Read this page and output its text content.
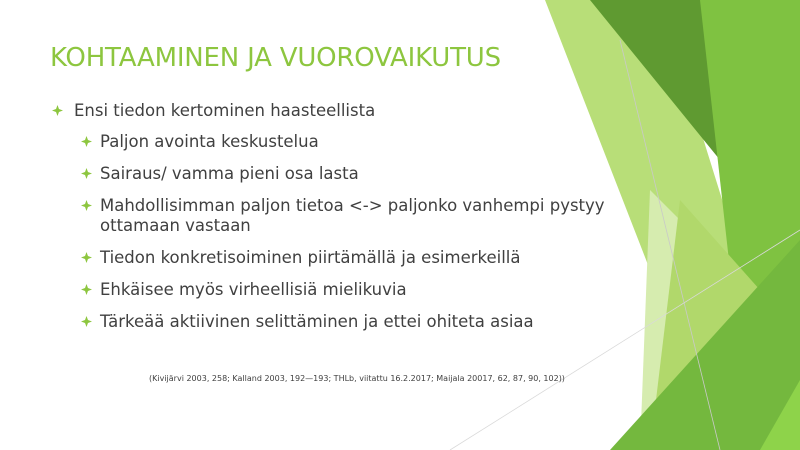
KOHTAAMINEN JA VUOROVAIKUTUS
Ensi tiedon kertominen haasteellista
Paljon avointa keskustelua
Sairaus/ vamma pieni osa lasta
Mahdollisimman paljon tietoa <-> paljonko vanhempi pystyy ottamaan vastaan
Tiedon konkretisoiminen piirtämällä ja esimerkeillä
Ehkäisee myös virheellisiä mielikuvia
Tärkeää aktiivinen selittäminen ja ettei ohiteta asiaa
(Kivijärvi 2003, 258; Kalland 2003, 192—193; THLb, viitattu 16.2.2017; Maijala 20017, 62, 87, 90, 102))
